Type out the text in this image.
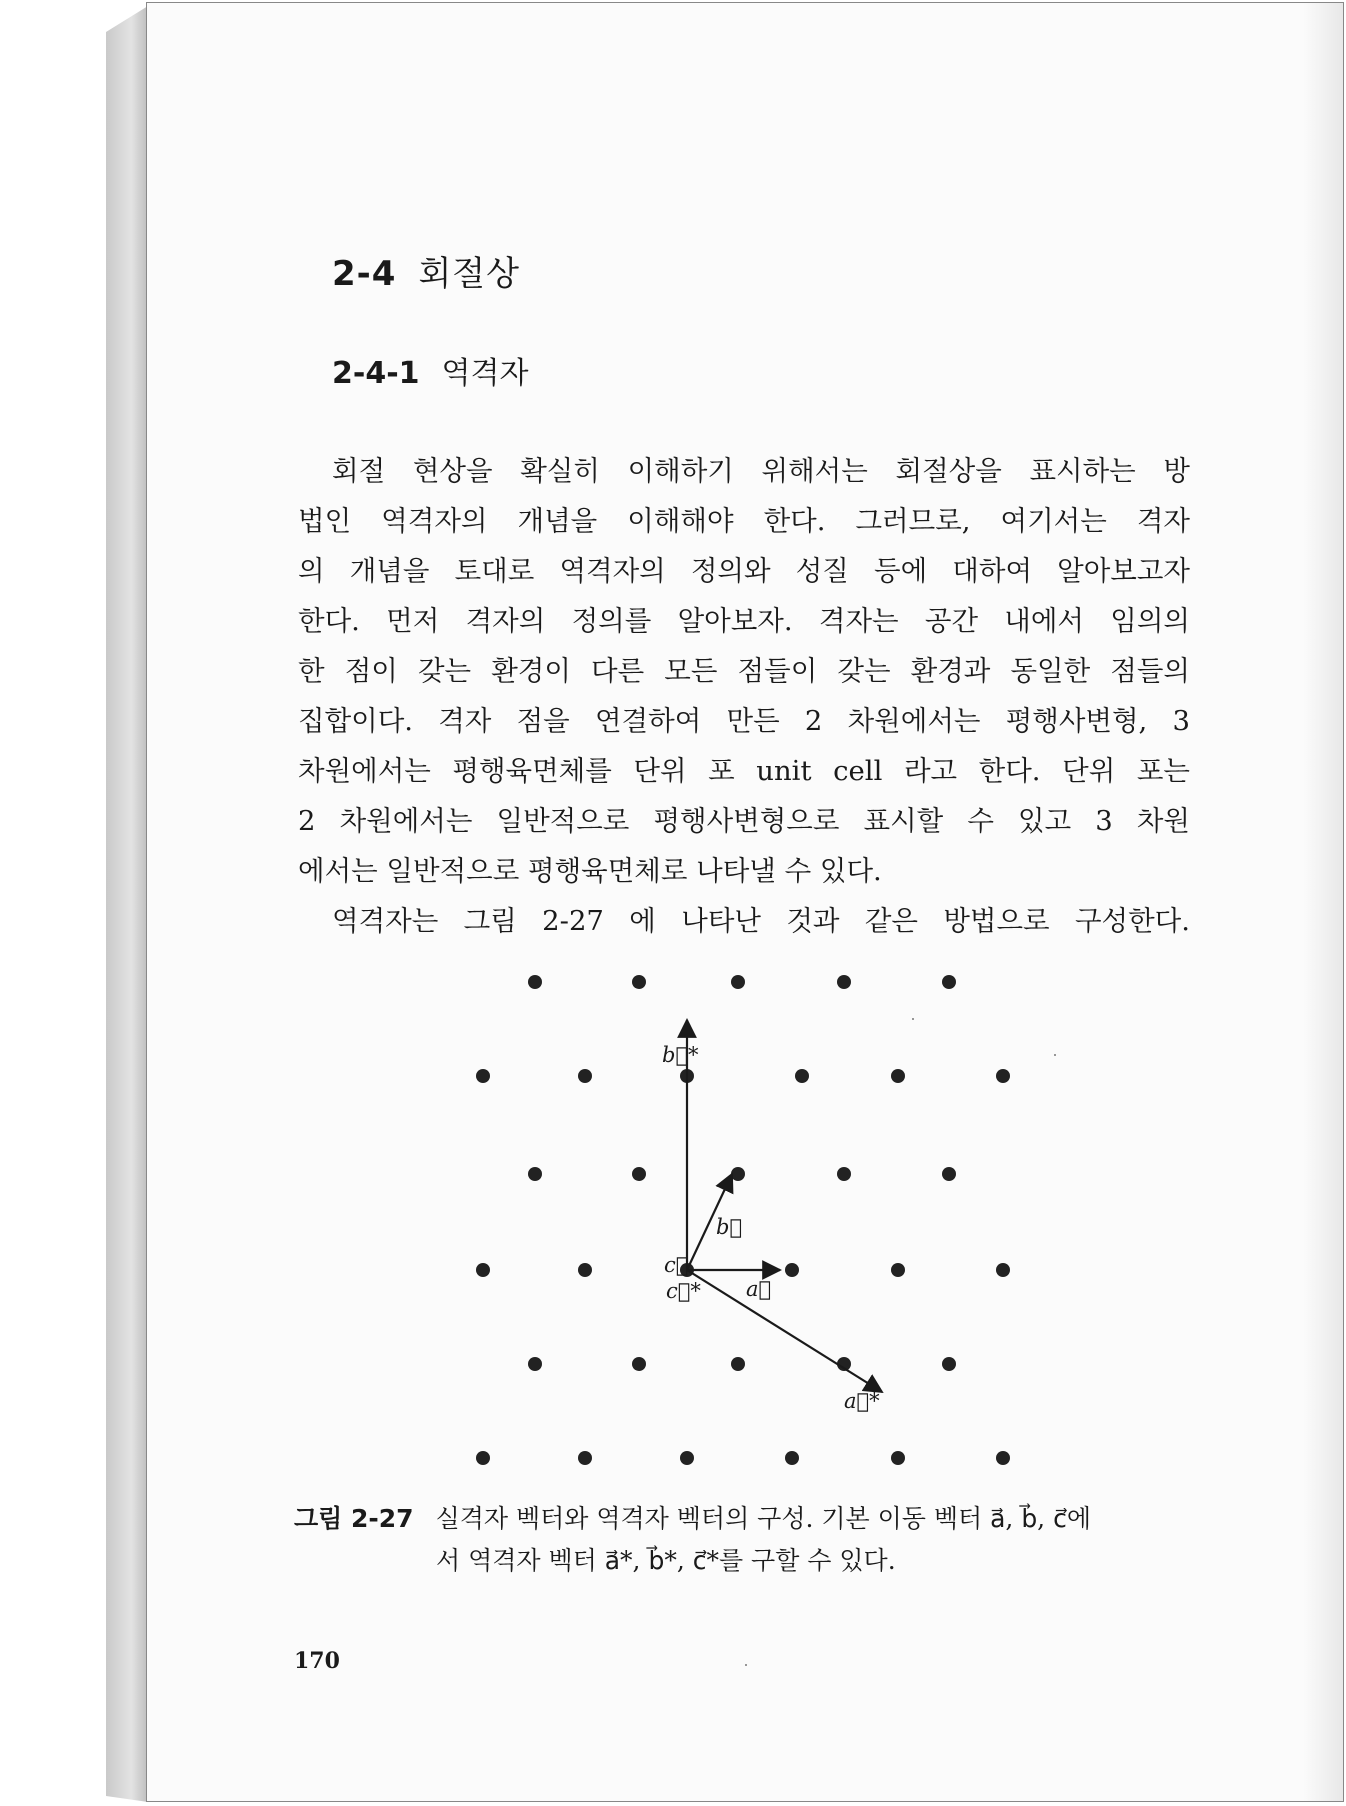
2-4 회절상
2-4-1 역격자
회절 현상을 확실히 이해하기 위해서는 회절상을 표시하는 방
법인 역격자의 개념을 이해해야 한다. 그러므로, 여기서는 격자
의 개념을 토대로 역격자의 정의와 성질 등에 대하여 알아보고자
한다. 먼저 격자의 정의를 알아보자. 격자는 공간 내에서 임의의
한 점이 갖는 환경이 다른 모든 점들이 갖는 환경과 동일한 점들의
집합이다. 격자 점을 연결하여 만든 2 차원에서는 평행사변형, 3
차원에서는 평행육면체를 단위 포 unit cell 라고 한다. 단위 포는
2 차원에서는 일반적으로 평행사변형으로 표시할 수 있고 3 차원
에서는 일반적으로 평행육면체로 나타낼 수 있다.
역격자는 그림 2-27 에 나타난 것과 같은 방법으로 구성한다.
b⃗*
b⃗
c⃗
c⃗* a⃗
a⃗*
그림 2-27 실격자 벡터와 역격자 벡터의 구성. 기본 이동 벡터 a⃗, b⃗, c⃗에
서 역격자 벡터 a⃗*, b⃗*, c⃗*를 구할 수 있다.
170
